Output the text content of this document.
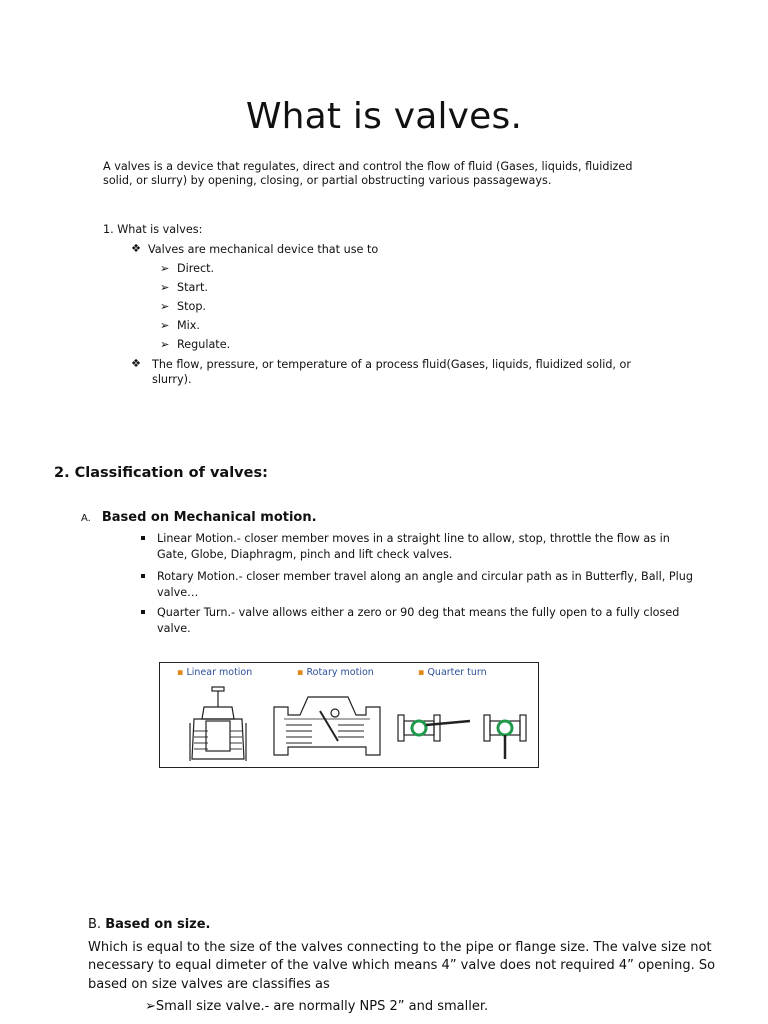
What is valves.
A valves is a device that regulates, direct and control the flow of fluid (Gases, liquids, fluidized solid, or slurry) by opening, closing, or partial obstructing various passageways.
1. What is valves:
❖ Valves are mechanical device that use to
➢ Direct.
➢ Start.
➢ Stop.
➢ Mix.
➢ Regulate.
❖ The flow, pressure, or temperature of a process fluid(Gases, liquids, fluidized solid, or
slurry).
2. Classification of valves:
A. Based on Mechanical motion.
Linear Motion.- closer member moves in a straight line to allow, stop, throttle the flow as in
Gate, Globe, Diaphragm, pinch and lift check valves.
Rotary Motion.- closer member travel along an angle and circular path as in Butterfly, Ball, Plug
valve…
Quarter Turn.- valve allows either a zero or 90 deg that means the fully open to a fully closed
valve.
▪ Linear motion	▪ Rotary motion	▪ Quarter turn
B. Based on size.
Which is equal to the size of the valves connecting to the pipe or flange size. The valve size not necessary to equal dimeter of the valve which means 4” valve does not required 4” opening. So based on size valves are classifies as
➢Small size valve.- are normally NPS 2” and smaller.
